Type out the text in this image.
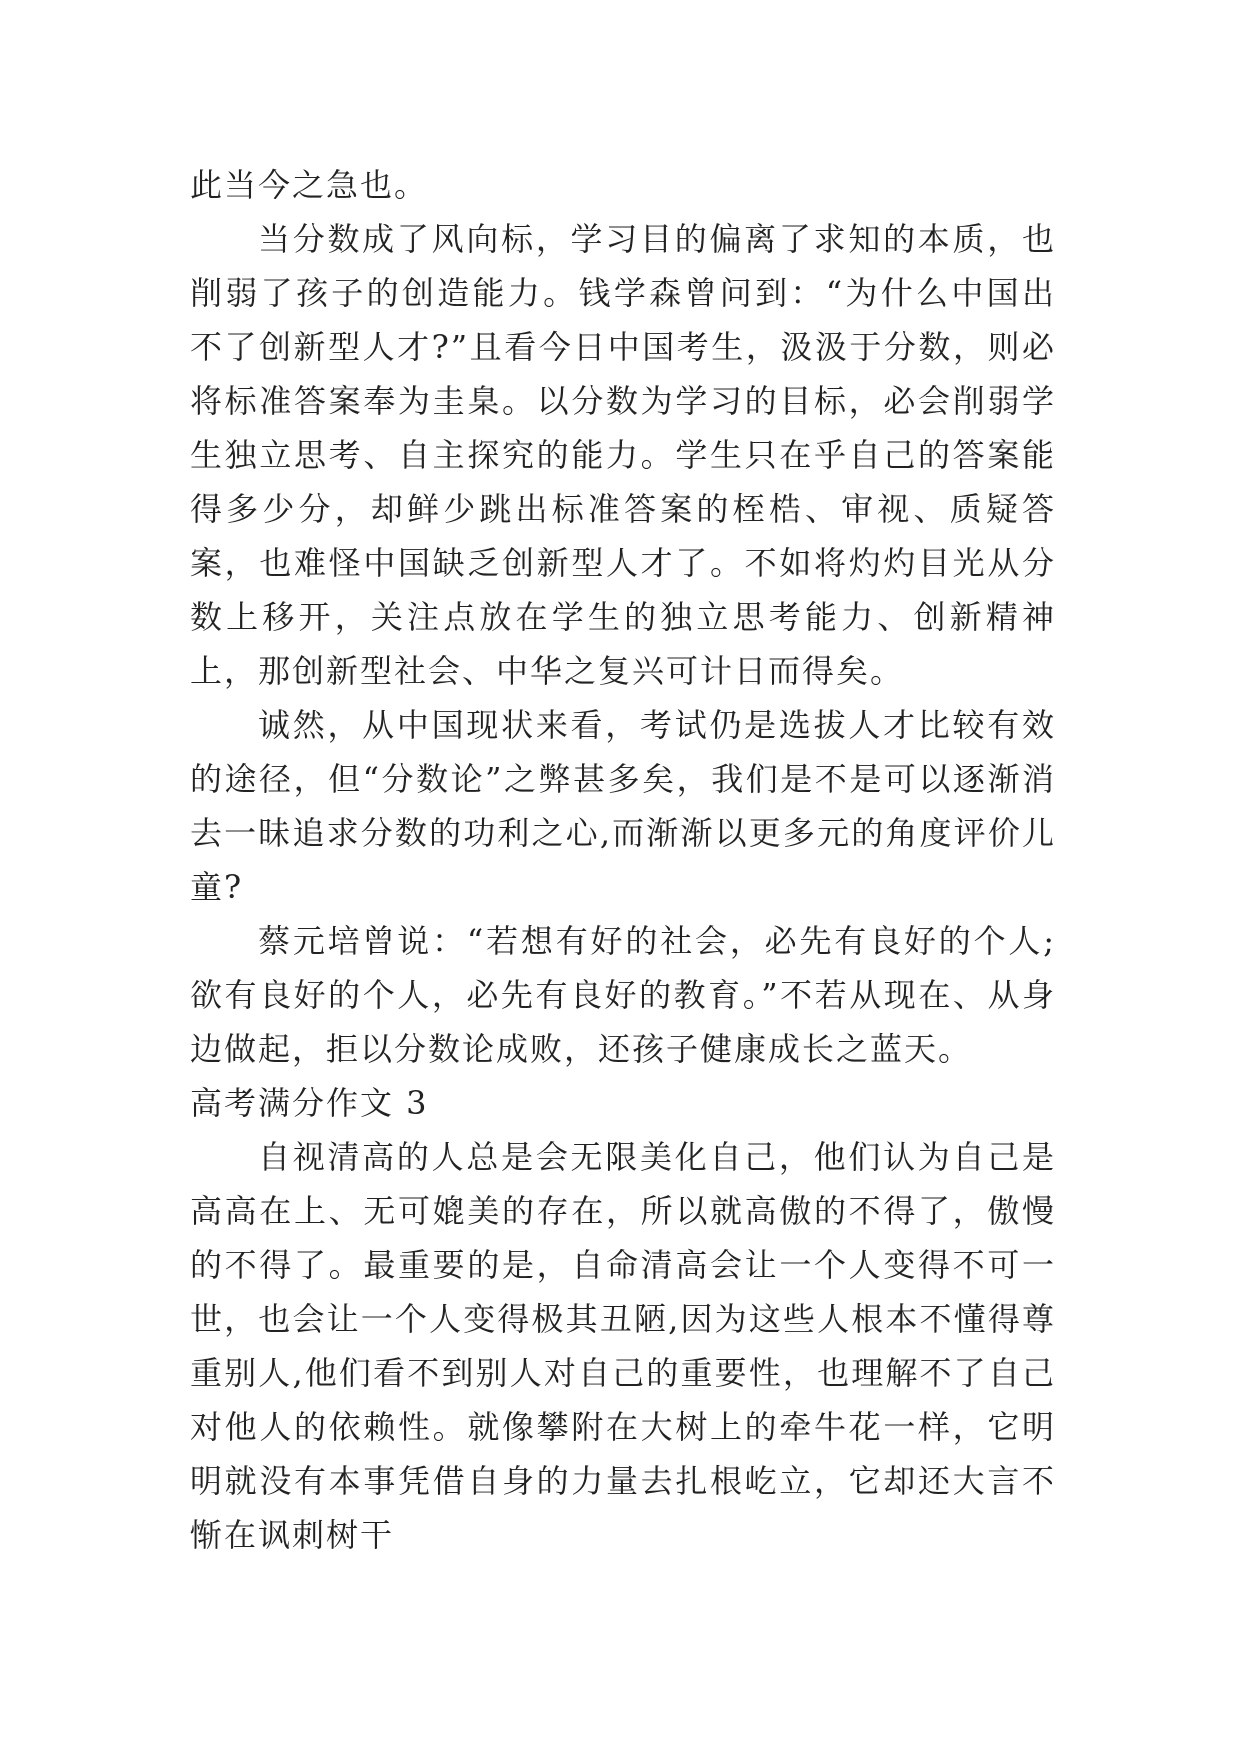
此当今之急也。

当分数成了风向标，学习目的偏离了求知的本质，也削弱了孩子的创造能力。钱学森曾问到：“为什么中国出不了创新型人才?”且看今日中国考生，汲汲于分数，则必将标准答案奉为圭臬。以分数为学习的目标，必会削弱学生独立思考、自主探究的能力。学生只在乎自己的答案能得多少分，却鲜少跳出标准答案的桎梏、审视、质疑答案，也难怪中国缺乏创新型人才了。不如将灼灼目光从分数上移开，关注点放在学生的独立思考能力、创新精神上，那创新型社会、中华之复兴可计日而得矣。

诚然，从中国现状来看，考试仍是选拔人才比较有效的途径，但“分数论”之弊甚多矣，我们是不是可以逐渐消去一昧追求分数的功利之心,而渐渐以更多元的角度评价儿童?

蔡元培曾说：“若想有好的社会，必先有良好的个人;欲有良好的个人，必先有良好的教育。”不若从现在、从身边做起，拒以分数论成败，还孩子健康成长之蓝天。

高考满分作文 3

自视清高的人总是会无限美化自己，他们认为自己是高高在上、无可媲美的存在，所以就高傲的不得了，傲慢的不得了。最重要的是，自命清高会让一个人变得不可一世，也会让一个人变得极其丑陋,因为这些人根本不懂得尊重别人,他们看不到别人对自己的重要性，也理解不了自己对他人的依赖性。就像攀附在大树上的牵牛花一样，它明明就没有本事凭借自身的力量去扎根屹立，它却还大言不惭在讽刺树干
